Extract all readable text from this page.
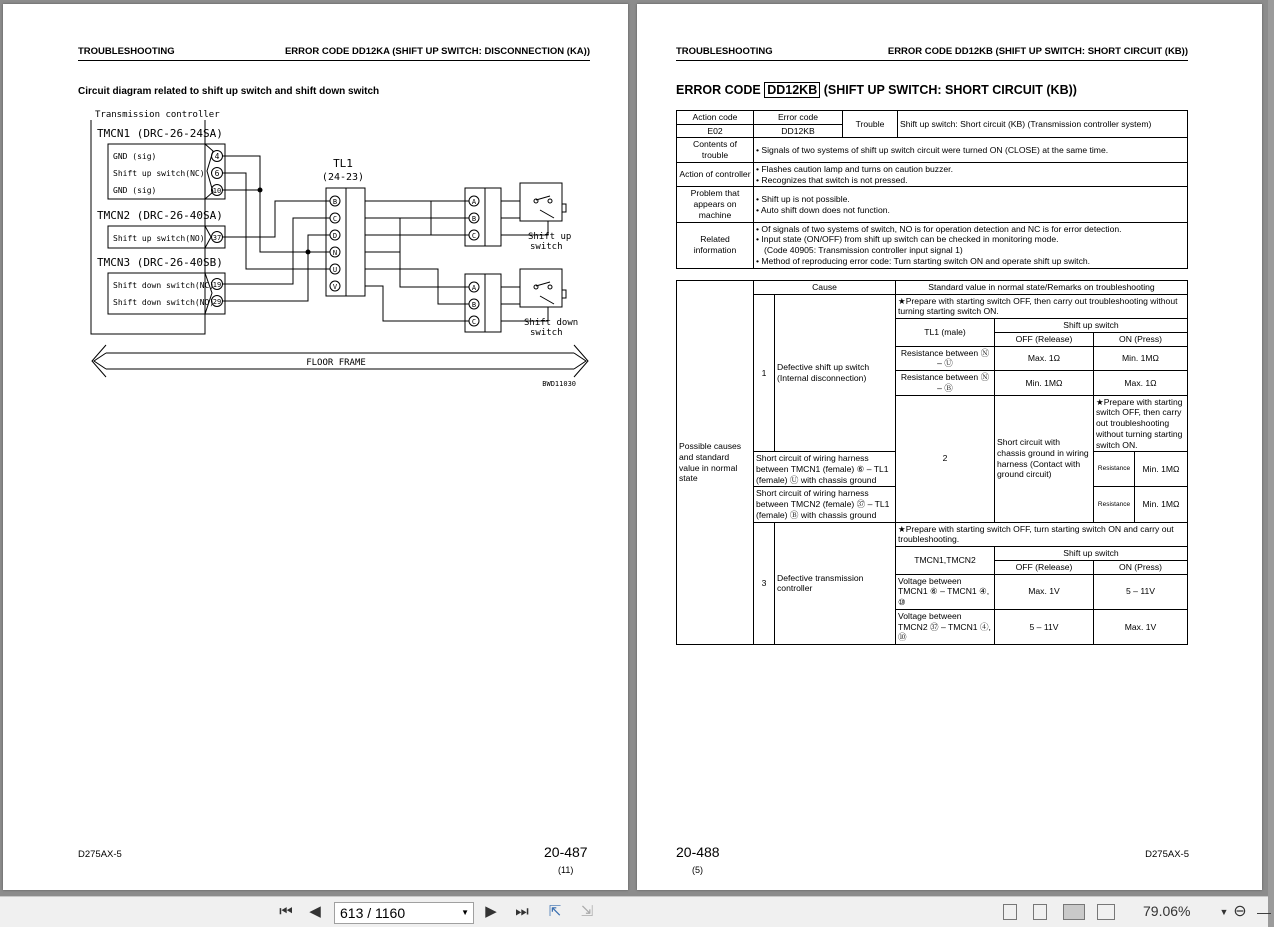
TROUBLESHOOTING	ERROR CODE DD12KA (SHIFT UP SWITCH: DISCONNECTION (KA))
Circuit diagram related to shift up switch and shift down switch
Transmission controller
TMCN1 (DRC-26-24SA)
TMCN2 (DRC-26-40SA)
TMCN3 (DRC-26-40SB)
GND (sig)
Shift up switch(NC)
GND (sig)
Shift up switch(NO)
Shift down switch(NC)
Shift down switch(NO)
4
6
10
37
19
29
TL1
(24-23)
B
C
D
N
U
V
A
B
C
A
B
C
Shift up
switch
Shift down
switch
FLOOR FRAME
BWD11030
D275AX-5	20-487
(11)
TROUBLESHOOTING	ERROR CODE DD12KB (SHIFT UP SWITCH: SHORT CIRCUIT (KB))
ERROR CODE DD12KB (SHIFT UP SWITCH: SHORT CIRCUIT (KB))
Action code	Error code	Trouble	Shift up switch: Short circuit (KB) (Transmission controller system)
E02	DD12KB		
Contents of trouble	• Signals of two systems of shift up switch circuit were turned ON (CLOSE) at the same time.		
Action of controller	• Flashes caution lamp and turns on caution buzzer.
• Recognizes that switch is not pressed.		

Problem that appears on machine	• Shift up is not possible.
• Auto shift down does not function.		

Related information	• Of signals of two systems of switch, NO is for operation detection and NC is for error detection.
• Input state (ON/OFF) from shift up switch can be checked in monitoring mode.
(Code 40905: Transmission controller input signal 1)
• Method of reproducing error code: Turn starting switch ON and operate shift up switch.		
Possible causes and standard value in normal state	Cause		Standard value in normal state/Remarks on troubleshooting			
	1	Defective shift up switch (Internal disconnection)	★Prepare with starting switch OFF, then carry out troubleshooting without turning starting switch ON.			
			TL1 (male)	Shift up switch		
				OFF (Release)	ON (Press)	
			Resistance between Ⓝ – Ⓤ	Max. 1Ω	Min. 1MΩ	
			Resistance between Ⓝ – Ⓑ	Min. 1MΩ	Max. 1Ω	
			2	Short circuit with chassis ground in wiring harness (Contact with ground circuit)	★Prepare with starting switch OFF, then carry out troubleshooting without turning starting switch ON.	
	Short circuit of wiring harness between TMCN1 (female) ⑥ – TL1 (female) Ⓤ with chassis ground				Resistance	Min. 1MΩ
	Short circuit of wiring harness between TMCN2 (female) ㊲ – TL1 (female) Ⓑ with chassis ground				Resistance	Min. 1MΩ
	3	Defective transmission controller	★Prepare with starting switch OFF, turn starting switch ON and carry out troubleshooting.			
			TMCN1,TMCN2	Shift up switch		
				OFF (Release)	ON (Press)	
			Voltage between TMCN1 ⑥ – TMCN1 ④, ⑩	Max. 1V	5 – 11V	
			Voltage between TMCN2 ㊲ – TMCN1 ④, ⑩	5 – 11V	Max. 1V	
20-488
(5)
D275AX-5
⏮ ◀	613 / 1160	▼ ▶ ⏭ ⇱ ⇲	79.06%	▼ ⊖ —
